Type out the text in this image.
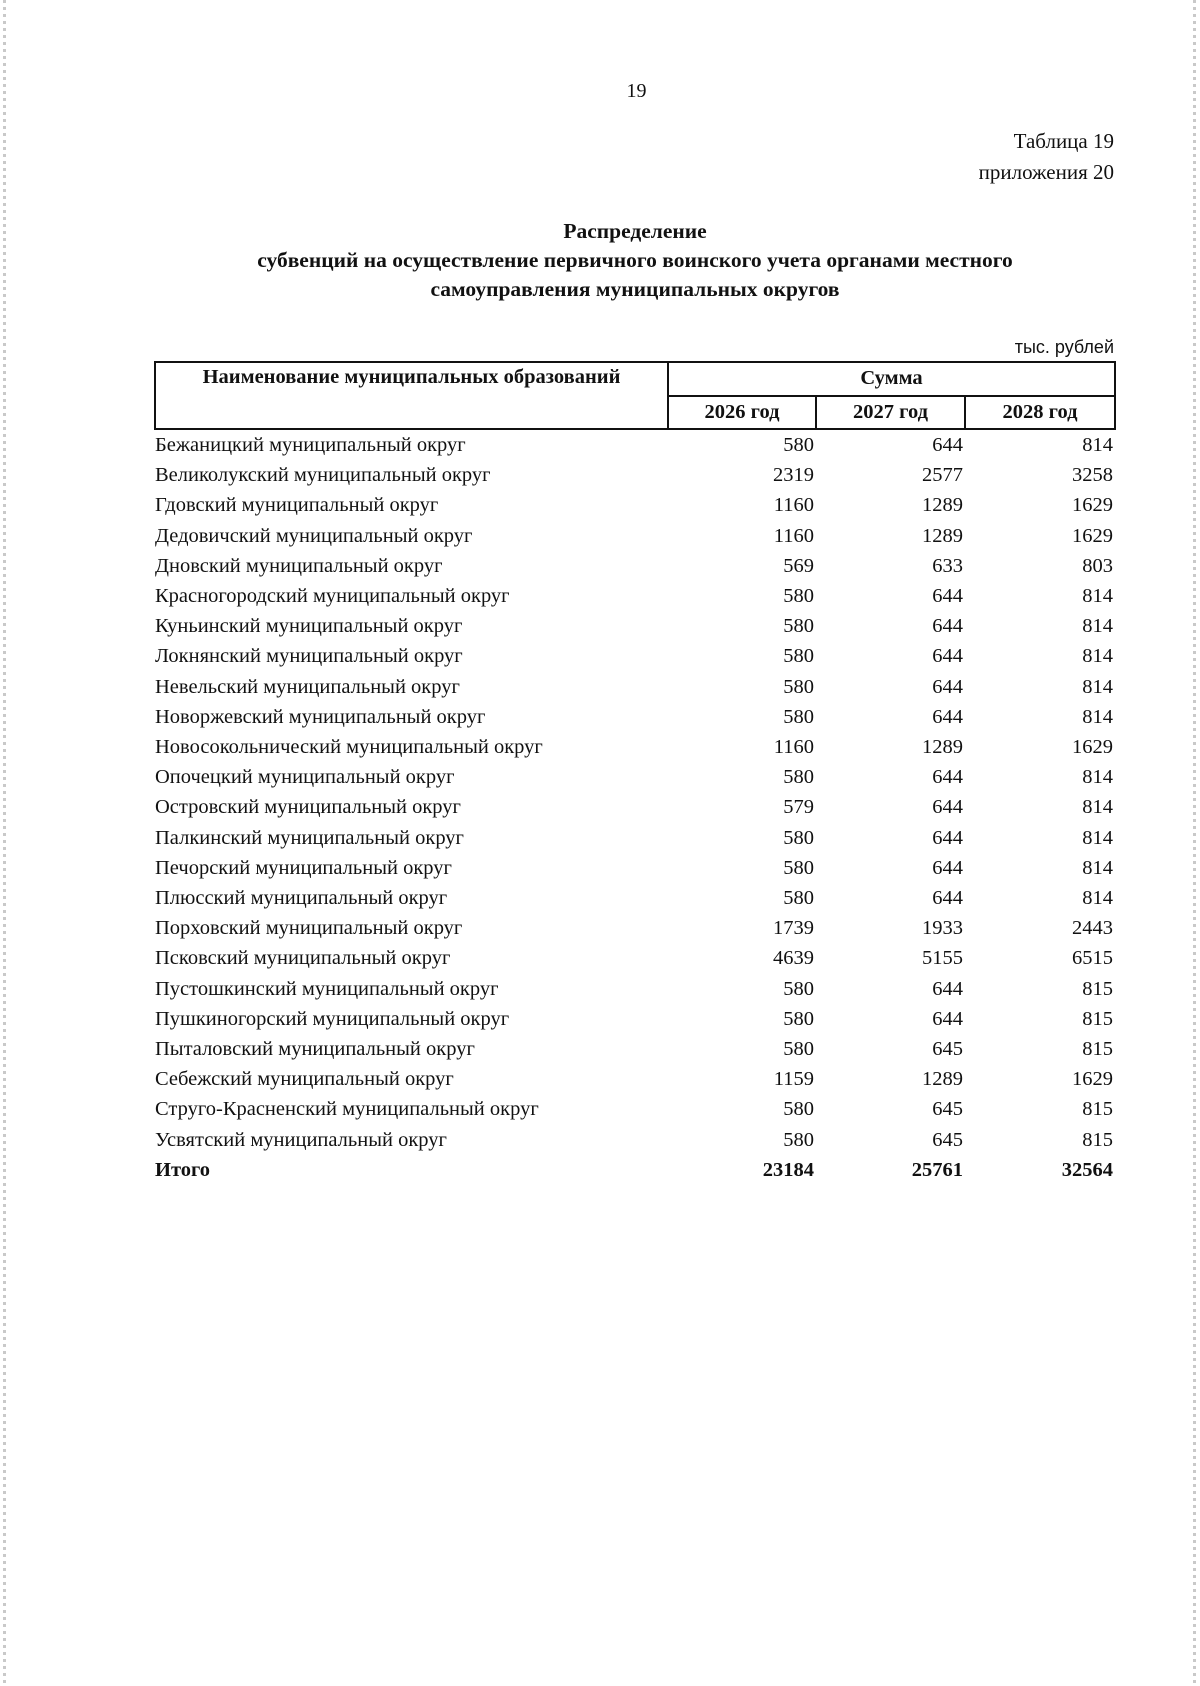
19
Таблица 19
приложения 20
Распределение
субвенций на осуществление первичного воинского учета органами местного
самоуправления муниципальных округов
тыс. рублей
Наименование муниципальных образований	Сумма		
	2026 год	2027 год	2028 год
Бежаницкий муниципальный округ	580	644	814
Великолукский муниципальный округ	2319	2577	3258
Гдовский муниципальный округ	1160	1289	1629
Дедовичский муниципальный округ	1160	1289	1629
Дновский муниципальный округ	569	633	803
Красногородский муниципальный округ	580	644	814
Куньинский муниципальный округ	580	644	814
Локнянский муниципальный округ	580	644	814
Невельский муниципальный округ	580	644	814
Новоржевский муниципальный округ	580	644	814
Новосокольнический муниципальный округ	1160	1289	1629
Опочецкий муниципальный округ	580	644	814
Островский муниципальный округ	579	644	814
Палкинский муниципальный округ	580	644	814
Печорский муниципальный округ	580	644	814
Плюсский муниципальный округ	580	644	814
Порховский муниципальный округ	1739	1933	2443
Псковский муниципальный округ	4639	5155	6515
Пустошкинский муниципальный округ	580	644	815
Пушкиногорский муниципальный округ	580	644	815
Пыталовский муниципальный округ	580	645	815
Себежский муниципальный округ	1159	1289	1629
Струго-Красненский муниципальный округ	580	645	815
Усвятский муниципальный округ	580	645	815
Итого	23184	25761	32564
